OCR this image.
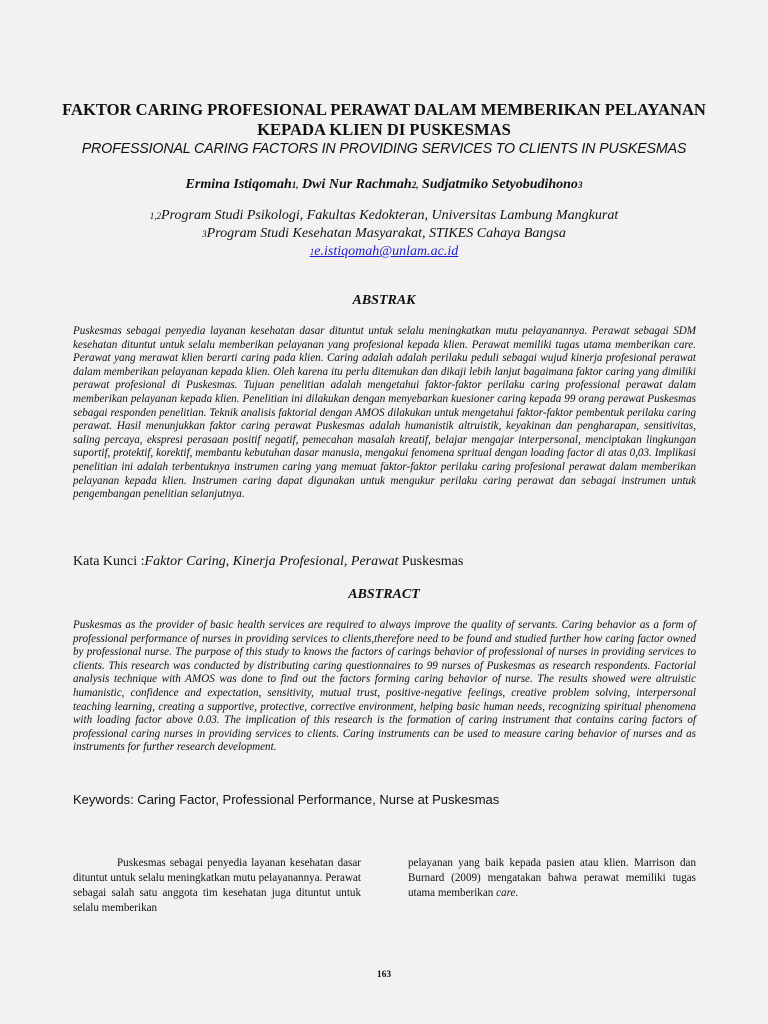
FAKTOR CARING PROFESIONAL PERAWAT DALAM MEMBERIKAN PELAYANAN KEPADA KLIEN DI PUSKESMAS
PROFESSIONAL CARING FACTORS IN PROVIDING SERVICES TO CLIENTS IN PUSKESMAS
Ermina Istiqomah1, Dwi Nur Rachmah2, Sudjatmiko Setyobudihono3
1,2Program Studi Psikologi, Fakultas Kedokteran, Universitas Lambung Mangkurat
3Program Studi Kesehatan Masyarakat, STIKES Cahaya Bangsa
1e.istiqomah@unlam.ac.id
ABSTRAK

Puskesmas sebagai penyedia layanan kesehatan dasar dituntut untuk selalu meningkatkan mutu pelayanannya. Perawat sebagai SDM kesehatan dituntut untuk selalu memberikan pelayanan yang profesional kepada klien. Perawat memiliki tugas utama memberikan care. Perawat yang merawat klien berarti caring pada klien. Caring adalah adalah perilaku peduli sebagai wujud kinerja profesional perawat dalam memberikan pelayanan kepada klien. Oleh karena itu perlu ditemukan dan dikaji lebih lanjut bagaimana faktor caring yang dimiliki perawat profesional di Puskesmas. Tujuan penelitian adalah mengetahui faktor-faktor perilaku caring professional perawat dalam memberikan pelayanan kepada klien. Penelitian ini dilakukan dengan menyebarkan kuesioner caring kepada 99 orang perawat Puskesmas sebagai responden penelitian. Teknik analisis faktorial dengan AMOS dilakukan untuk mengetahui faktor-faktor pembentuk perilaku caring perawat. Hasil menunjukkan faktor caring perawat Puskesmas adalah humanistik altruistik, keyakinan dan pengharapan, sensitivitas, saling percaya, ekspresi perasaan positif negatif, pemecahan masalah kreatif, belajar mengajar interpersonal, menciptakan lingkungan suportif, protektif, korektif, membantu kebutuhan dasar manusia, mengakui fenomena spritual dengan loading factor di atas 0,03. Implikasi penelitian ini adalah terbentuknya instrumen caring yang memuat faktor-faktor perilaku caring profesional perawat dalam memberikan pelayanan kepada klien. Instrumen caring dapat digunakan untuk mengukur perilaku caring perawat dan sebagai instrumen untuk pengembangan penelitian selanjutnya.

Kata Kunci :Faktor Caring, Kinerja Profesional, Perawat Puskesmas
ABSTRACT

Puskesmas as the provider of basic health services are required to always improve the quality of servants. Caring behavior as a form of professional performance of nurses in providing services to clients,therefore need to be found and studied further how caring factor owned by professional nurse. The purpose of this study to knows the factors of carings behavior of professional of nurses in providing services to clients. This research was conducted by distributing caring questionnaires to 99 nurses of Puskesmas as research respondents. Factorial analysis technique with AMOS was done to find out the factors forming caring behavior of nurse. The results showed were altruistic humanistic, confidence and expectation, sensitivity, mutual trust, positive-negative feelings, creative problem solving, interpersonal teaching learning, creating a supportive, protective, corrective environment, helping basic human needs, recognizing spiritual phenomena with loading factor above 0.03. The implication of this research is the formation of caring instrument that contains caring factors of professional caring nurses in providing services to clients. Caring instruments can be used to measure caring behavior of nurses and as instruments for further research development.

Keywords: Caring Factor, Professional Performance, Nurse at Puskesmas

Puskesmas sebagai penyedia layanan kesehatan dasar dituntut untuk selalu meningkatkan mutu pelayanannya. Perawat sebagai salah satu anggota tim kesehatan juga dituntut untuk selalu memberikan

pelayanan yang baik kepada pasien atau klien. Marrison dan Burnard (2009) mengatakan bahwa perawat memiliki tugas utama memberikan care.

163
